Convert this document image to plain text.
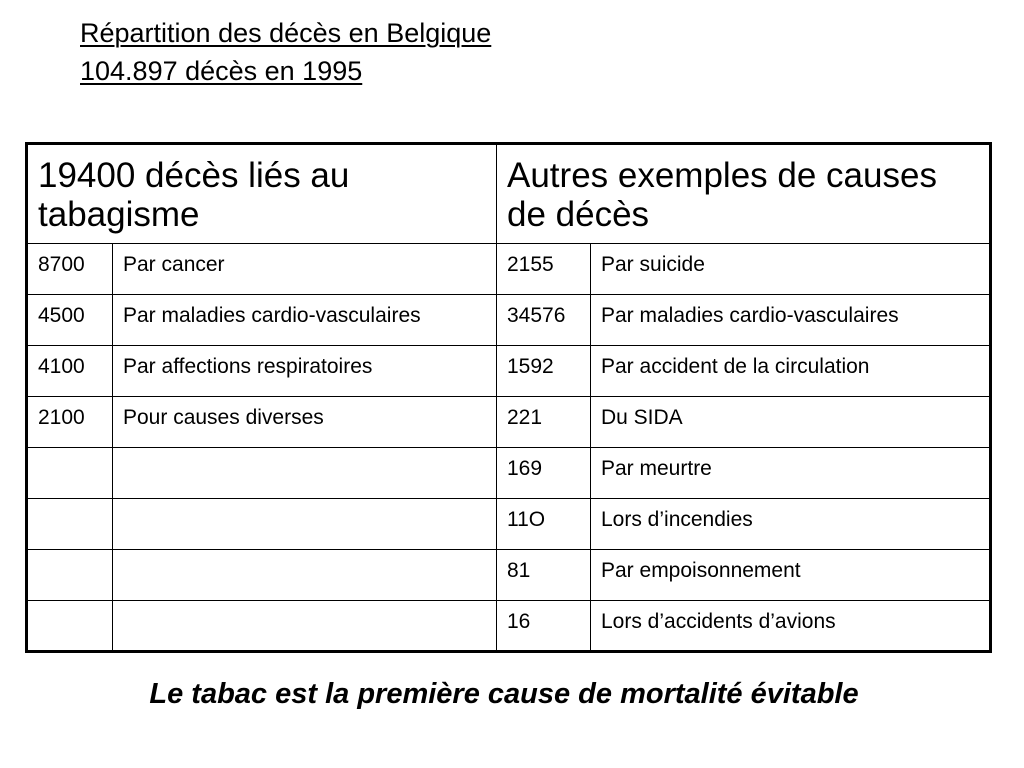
Répartition des décès en Belgique
104.897 décès en 1995
19400 décès liés au tabagisme		Autres exemples de causes de décès	
8700	Par cancer	2155	Par suicide
4500	Par maladies cardio-vasculaires	34576	Par maladies cardio-vasculaires
4100	Par affections respiratoires	1592	Par accident de la circulation
2100	Pour causes diverses	221	Du SIDA
		169	Par meurtre
		11O	Lors d’incendies
		81	Par empoisonnement
		16	Lors d’accidents d’avions
Le tabac est la première cause de mortalité évitable
